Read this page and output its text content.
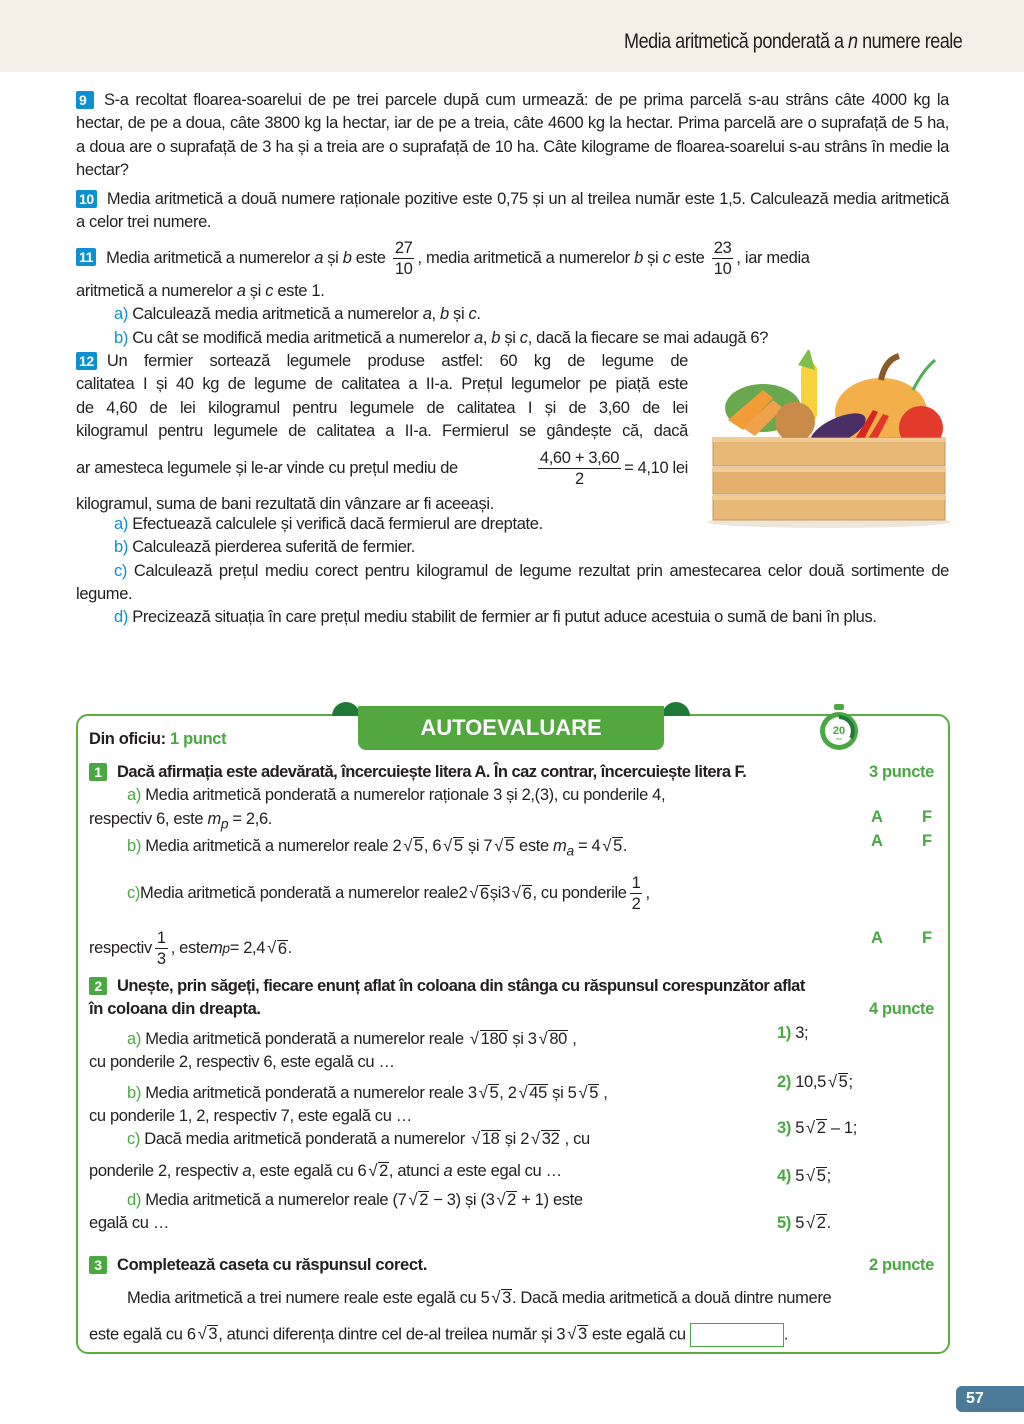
Media aritmetică ponderată a n numere reale
9 S-a recoltat floarea-soarelui de pe trei parcele după cum urmează: de pe prima parcelă s-au strâns câte 4000 kg la hectar, de pe a doua, câte 3800 kg la hectar, iar de pe a treia, câte 4600 kg la hectar. Prima parcelă are o suprafață de 5 ha, a doua are o suprafață de 3 ha și a treia are o suprafață de 10 ha. Câte kilograme de floarea-soarelui s-au strâns în medie la hectar?
10 Media aritmetică a două numere raționale pozitive este 0,75 și un al treilea număr este 1,5. Calculează media aritmetică a celor trei numere.
11 Media aritmetică a numerelor a și b este $\frac{27}{10}$ , media aritmetică a numerelor b și c este $\frac{23}{10}$ , iar media
aritmetică a numerelor a și c este 1.
a) Calculează media aritmetică a numerelor a, b și c.
b) Cu cât se modifică media aritmetică a numerelor a, b și c, dacă la fiecare se mai adaugă 6?
12 Un fermier sortează legumele produse astfel: 60 kg de legume de
calitatea I și 40 kg de legume de calitatea a II-a. Prețul legumelor pe piață este
de 4,60 de lei kilogramul pentru legumele de calitatea I și de 3,60 de lei
kilogramul pentru legumele de calitatea a II-a. Fermierul se gândește că, dacă
ar amesteca legumele și le-ar vinde cu prețul mediu de	$\frac{4,60 + 3,60}{2} = 4,10$ lei
kilogramul, suma de bani rezultată din vânzare ar fi aceeași.
a) Efectuează calculele și verifică dacă fermierul are dreptate.
b) Calculează pierderea suferită de fermier.
c) Calculează prețul mediu corect pentru kilogramul de legume rezultat prin amestecarea celor două sortimente de legume.
d) Precizează situația în care prețul mediu stabilit de fermier ar fi putut aduce acestuia o sumă de bani în plus.
AUTOEVALUARE	20
min
Din oficiu: 1 punct
1 Dacă afirmația este adevărată, încercuiește litera A. În caz contrar, încercuiește litera F.	3 puncte
a) Media aritmetică ponderată a numerelor raționale 3 și 2,(3), cu ponderile 4,
respectiv 6, este $m_p = 2,6$.
b) Media aritmetică a numerelor reale 2 √ 5, 6 √ 5 și 7 √ 5 este $m_a = 4$ √ 5.
c) Media aritmetică ponderată a numerelor reale 2 √ 6 și 3 √ 6 , cu ponderile $\frac{1}{2}$ ,
respectiv $\frac{1}{3}$ , este m p = 2,4 √ 6 .
A F
A F
A F
2 Unește, prin săgeți, fiecare enunț aflat în coloana din stânga cu răspunsul corespunzător aflat
în coloana din dreapta.	4 puncte
a) Media aritmetică ponderată a numerelor reale √ 180 și 3 √ 80 ,
cu ponderile 2, respectiv 6, este egală cu …
b) Media aritmetică ponderată a numerelor reale 3 √ 5, 2 √ 45 și 5 √ 5 ,
cu ponderile 1, 2, respectiv 7, este egală cu …
c) Dacă media aritmetică ponderată a numerelor √ 18 și 2 √ 32 , cu
ponderile 2, respectiv a, este egală cu 6 √ 2, atunci a este egal cu …
d) Media aritmetică a numerelor reale (7 √ 2 − 3) și (3 √ 2 + 1) este
egală cu …
1) 3;
2) 10,5 √ 5;
3) 5 √ 2 – 1;
4) 5 √ 5;
5) 5 √ 2.
3 Completează caseta cu răspunsul corect.	2 puncte
Media aritmetică a trei numere reale este egală cu 5 √ 3. Dacă media aritmetică a două dintre numere
este egală cu 6 √ 3, atunci diferența dintre cel de-al treilea număr și 3 √ 3 este egală cu	.
57
